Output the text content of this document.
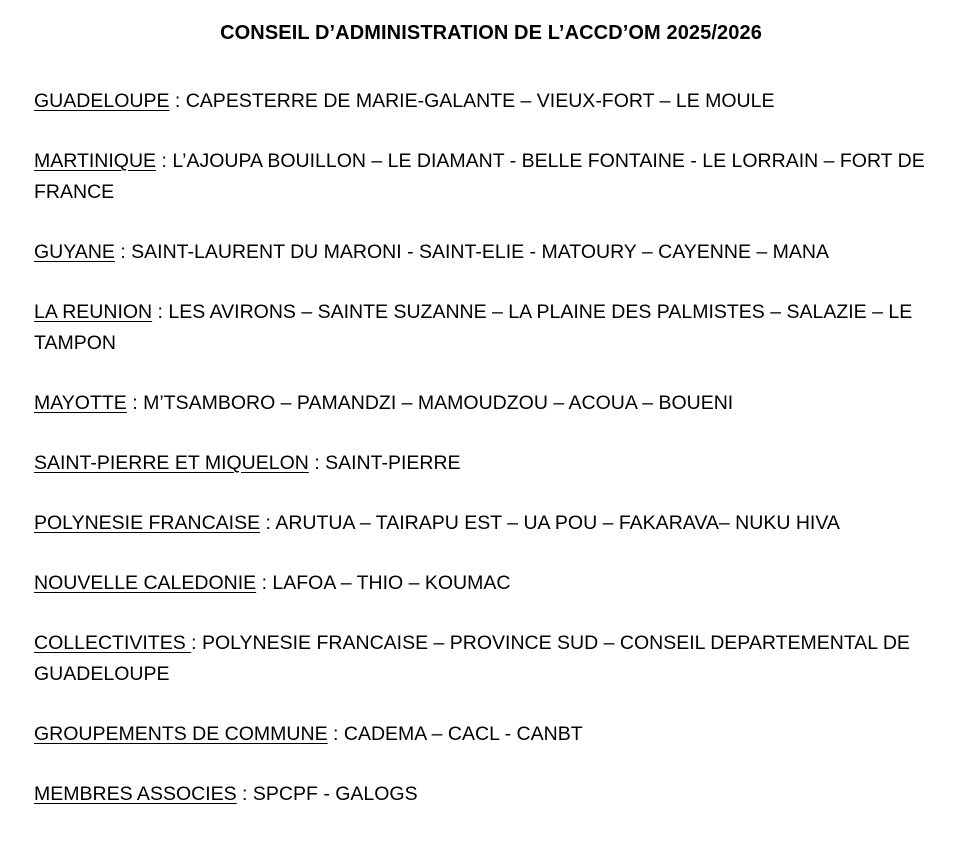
CONSEIL D’ADMINISTRATION DE L’ACCD’OM 2025/2026

GUADELOUPE : CAPESTERRE DE MARIE-GALANTE – VIEUX-FORT – LE MOULE

MARTINIQUE : L’AJOUPA BOUILLON – LE DIAMANT - BELLE FONTAINE - LE LORRAIN – FORT DE FRANCE

GUYANE : SAINT-LAURENT DU MARONI - SAINT-ELIE - MATOURY – CAYENNE – MANA

LA REUNION : LES AVIRONS – SAINTE SUZANNE – LA PLAINE DES PALMISTES – SALAZIE – LE TAMPON

MAYOTTE : M’TSAMBORO – PAMANDZI – MAMOUDZOU – ACOUA – BOUENI

SAINT-PIERRE ET MIQUELON : SAINT-PIERRE

POLYNESIE FRANCAISE : ARUTUA – TAIRAPU EST – UA POU – FAKARAVA– NUKU HIVA

NOUVELLE CALEDONIE : LAFOA – THIO – KOUMAC

COLLECTIVITES : POLYNESIE FRANCAISE – PROVINCE SUD – CONSEIL DEPARTEMENTAL DE GUADELOUPE

GROUPEMENTS DE COMMUNE : CADEMA – CACL - CANBT

MEMBRES ASSOCIES : SPCPF - GALOGS
